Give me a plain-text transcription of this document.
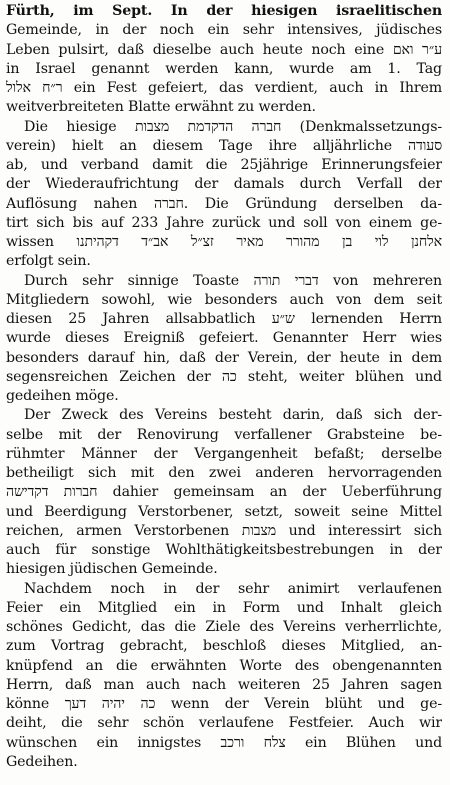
Fürth, im Sept. In der hiesigen israelitischen
Gemeinde, in der noch ein sehr intensives, jüdisches
Leben pulsirt, daß dieselbe auch heute noch eine ע״ר ואם
in Israel genannt werden kann, wurde am 1. Tag
ר״ח אלול ein Fest gefeiert, das verdient, auch in Ihrem
weitverbreiteten Blatte erwähnt zu werden.
Die hiesige חברה הדקדמת מצבות (Denkmalssetzungs-
verein) hielt an diesem Tage ihre alljährliche סעודה
ab, und verband damit die 25jährige Erinnerungsfeier
der Wiederaufrichtung der damals durch Verfall der
Auflösung nahen חברה. Die Gründung derselben da-
tirt sich bis auf 233 Jahre zurück und soll von einem ge-
wissen אלחנן לוי בן מהורר מאיר זצ״ל אב״ד דקהיתנו
erfolgt sein.
Durch sehr sinnige Toaste דברי תורה von mehreren
Mitgliedern sowohl, wie besonders auch von dem seit
diesen 25 Jahren allsabbatlich ש״ע lernenden Herrn
wurde dieses Ereigniß gefeiert. Genannter Herr wies
besonders darauf hin, daß der Verein, der heute in dem
segensreichen Zeichen der כה steht, weiter blühen und
gedeihen möge.
Der Zweck des Vereins besteht darin, daß sich der-
selbe mit der Renovirung verfallener Grabsteine be-
rühmter Männer der Vergangenheit befaßt; derselbe
betheiligt sich mit den zwei anderen hervorragenden
חברות דקדישה dahier gemeinsam an der Ueberführung
und Beerdigung Verstorbener, setzt, soweit seine Mittel
reichen, armen Verstorbenen מצבות und interessirt sich
auch für sonstige Wohlthätigkeitsbestrebungen in der
hiesigen jüdischen Gemeinde.
Nachdem noch in der sehr animirt verlaufenen
Feier ein Mitglied ein in Form und Inhalt gleich
schönes Gedicht, das die Ziele des Vereins verherrlichte,
zum Vortrag gebracht, beschloß dieses Mitglied, an-
knüpfend an die erwähnten Worte des obengenannten
Herrn, daß man auch nach weiteren 25 Jahren sagen
könne כה יהיה דעך wenn der Verein blüht und ge-
deiht, die sehr schön verlaufene Festfeier. Auch wir
wünschen ein innigstes צלח ורכב ein Blühen und
Gedeihen.
